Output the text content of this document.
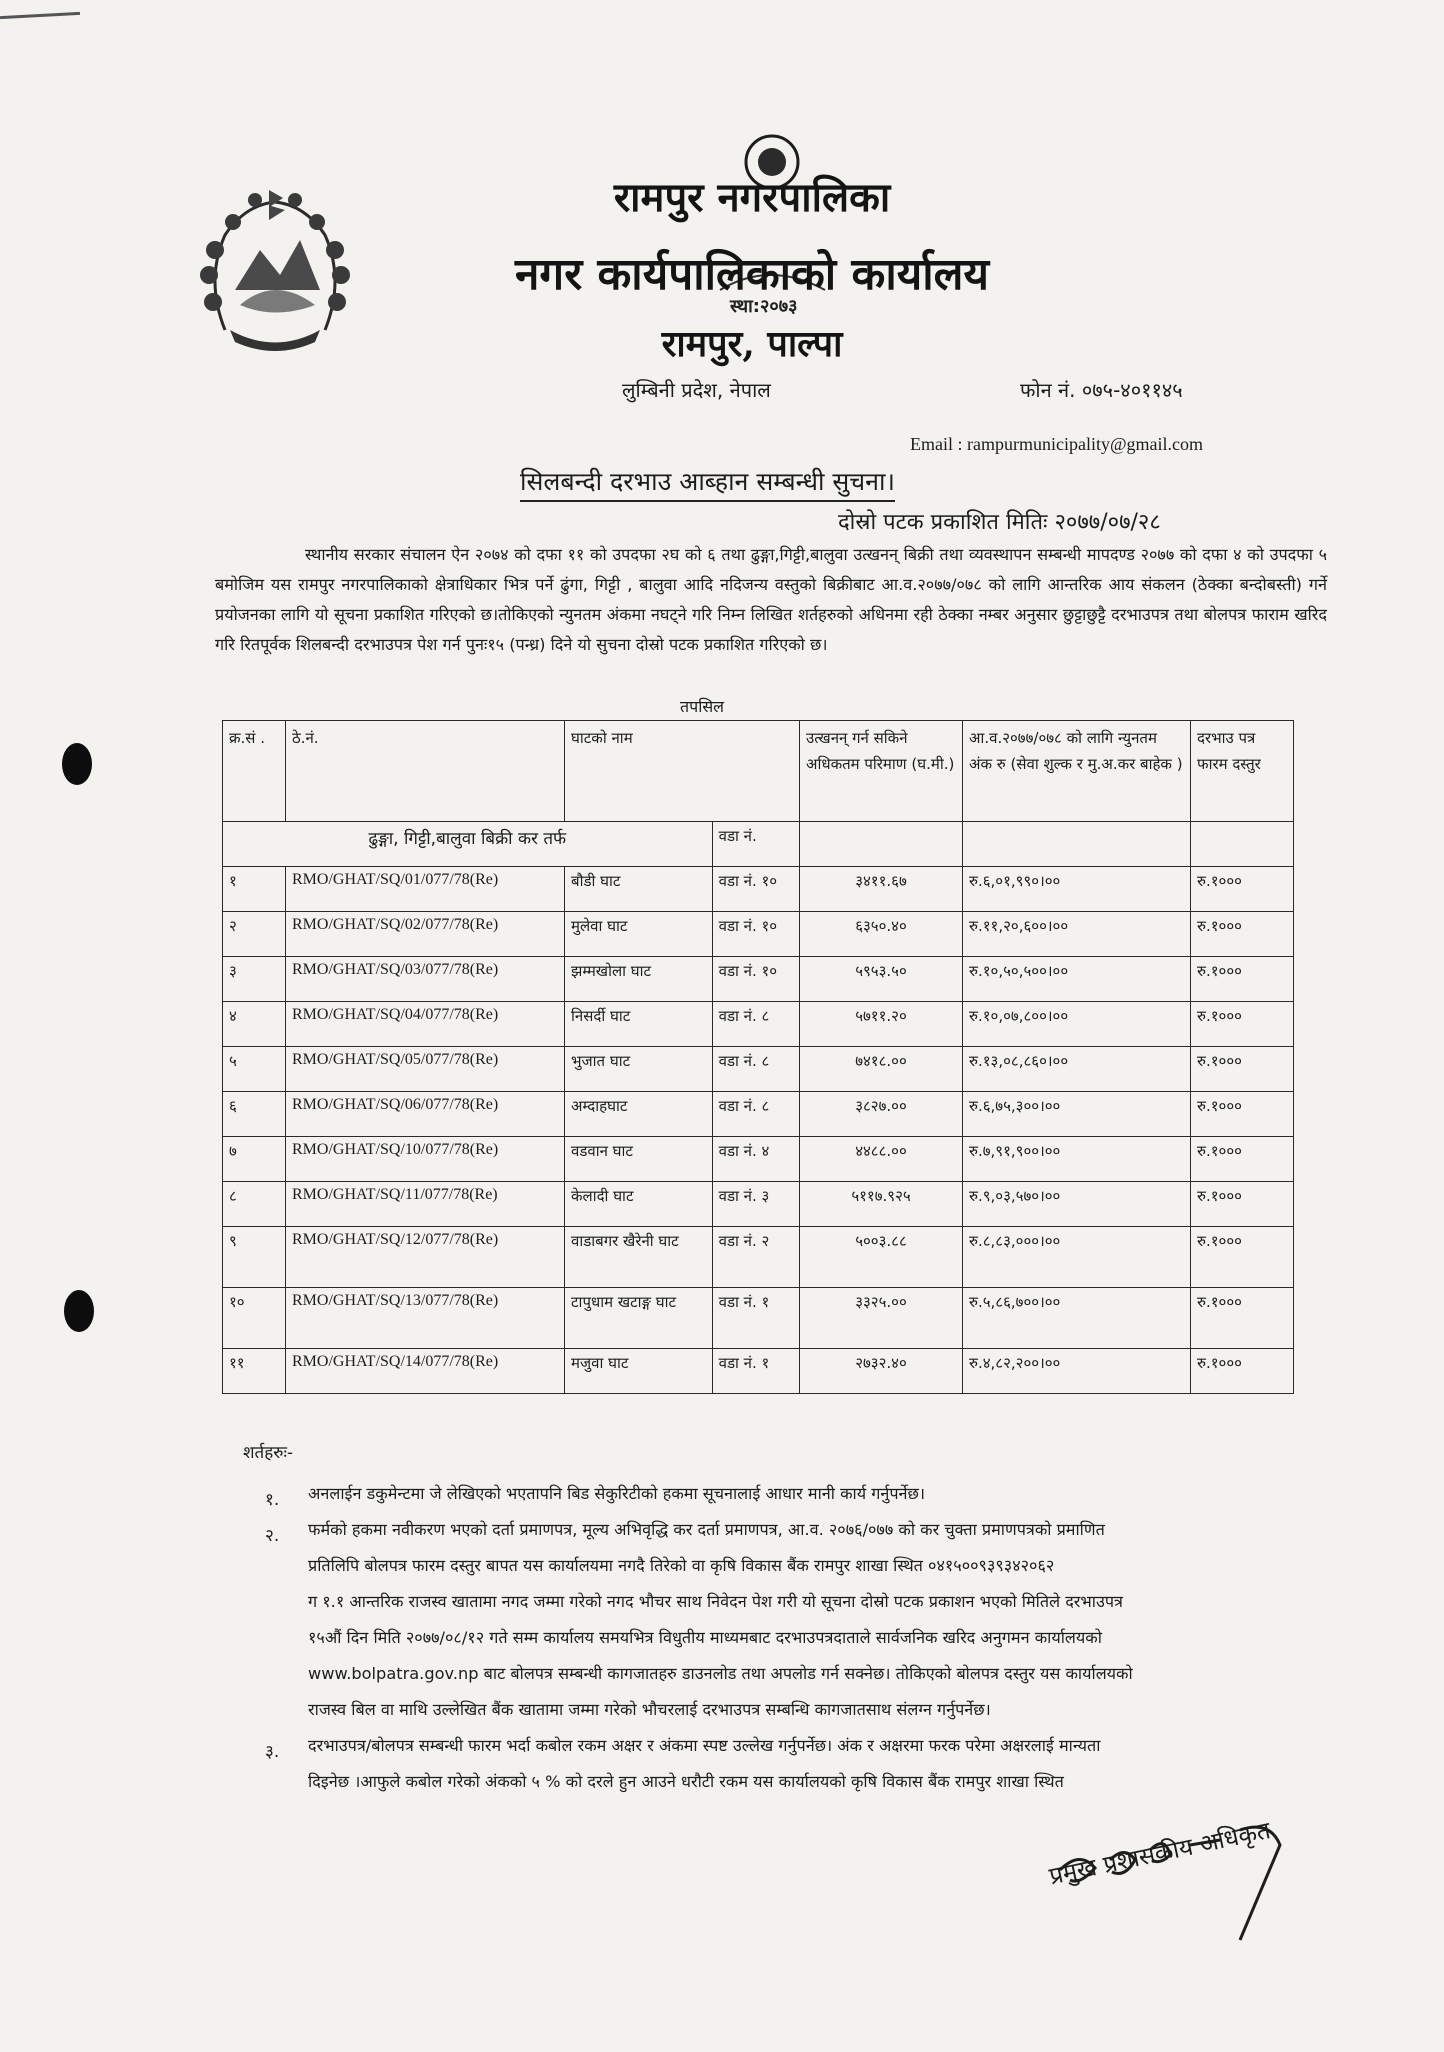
स्था:२०७३
रामपुर नगरपालिका
नगर कार्यपालिकाको कार्यालय
रामपुर, पाल्पा
लुम्बिनी प्रदेश, नेपाल	फोन नं. ०७५-४०११४५
Email : rampurmunicipality@gmail.com
सिलबन्दी दरभाउ आब्हान सम्बन्धी सुचना।
दोस्रो पटक प्रकाशित मितिः २०७७/०७/२८
स्थानीय सरकार संचालन ऐन २०७४ को दफा ११ को उपदफा २घ को ६ तथा ढुङ्गा,गिट्टी,बालुवा उत्खनन् बिक्री तथा व्यवस्थापन सम्बन्धी मापदण्ड २०७७ को दफा ४ को उपदफा ५ बमोजिम यस रामपुर नगरपालिकाको क्षेत्राधिकार भित्र पर्ने ढुंगा, गिट्टी , बालुवा आदि नदिजन्य वस्तुको बिक्रीबाट आ.व.२०७७/०७८ को लागि आन्तरिक आय संकलन (ठेक्का बन्दोबस्ती) गर्ने प्रयोजनका लागि यो सूचना प्रकाशित गरिएको छ।तोकिएको न्युनतम अंकमा नघट्ने गरि निम्न लिखित शर्तहरुको अधिनमा रही ठेक्का नम्बर अनुसार छुट्टाछुट्टै दरभाउपत्र तथा बोलपत्र फाराम खरिद गरि रितपूर्वक शिलबन्दी दरभाउपत्र पेश गर्न पुनः१५ (पन्ध्र) दिने यो सुचना दोस्रो पटक प्रकाशित गरिएको छ।
तपसिल
क्र.सं .	ठे.नं.	घाटको नाम		उत्खनन् गर्न सकिने अधिकतम परिमाण (घ.मी.)	आ.व.२०७७/०७८ को लागि न्युनतम अंक रु (सेवा शुल्क र मु.अ.कर बाहेक )	दरभाउ पत्र फारम दस्तुर

ढुङ्गा, गिट्टी,बालुवा बिक्री कर तर्फ			वडा नं.			
१	RMO/GHAT/SQ/01/077/78(Re)	बौडी घाट	वडा नं. १०	३४११.६७	रु.६,०१,९९०।००	रु.१०००
२	RMO/GHAT/SQ/02/077/78(Re)	मुलेवा घाट	वडा नं. १०	६३५०.४०	रु.११,२०,६००।००	रु.१०००
३	RMO/GHAT/SQ/03/077/78(Re)	झम्मखोला घाट	वडा नं. १०	५९५३.५०	रु.१०,५०,५००।००	रु.१०००
४	RMO/GHAT/SQ/04/077/78(Re)	निसर्दी घाट	वडा नं. ८	५७११.२०	रु.१०,०७,८००।००	रु.१०००
५	RMO/GHAT/SQ/05/077/78(Re)	भुजात घाट	वडा नं. ८	७४१८.००	रु.१३,०८,८६०।००	रु.१०००
६	RMO/GHAT/SQ/06/077/78(Re)	अम्दाहघाट	वडा नं. ८	३८२७.००	रु.६,७५,३००।००	रु.१०००
७	RMO/GHAT/SQ/10/077/78(Re)	वडवान घाट	वडा नं. ४	४४८८.००	रु.७,९१,९००।००	रु.१०००
८	RMO/GHAT/SQ/11/077/78(Re)	केलादी घाट	वडा नं. ३	५११७.९२५	रु.९,०३,५७०।००	रु.१०००
९	RMO/GHAT/SQ/12/077/78(Re)	वाडाबगर खैरेनी घाट	वडा नं. २	५००३.८८	रु.८,८३,०००।००	रु.१०००
१०	RMO/GHAT/SQ/13/077/78(Re)	टापुधाम खटाङ्ग घाट	वडा नं. १	३३२५.००	रु.५,८६,७००।००	रु.१०००
११	RMO/GHAT/SQ/14/077/78(Re)	मजुवा घाट	वडा नं. १	२७३२.४०	रु.४,८२,२००।००	रु.१०००
शर्तहरुः-
१. अनलाईन डकुमेन्टमा जे लेखिएको भएतापनि बिड सेकुरिटीको हकमा सूचनालाई आधार मानी कार्य गर्नुपर्नेछ।
२. फर्मको हकमा नवीकरण भएको दर्ता प्रमाणपत्र, मूल्य अभिवृद्धि कर दर्ता प्रमाणपत्र, आ.व. २०७६/०७७ को कर चुक्ता प्रमाणपत्रको प्रमाणित
प्रतिलिपि बोलपत्र फारम दस्तुर बापत यस कार्यालयमा नगदै तिरेको वा कृषि विकास बैंक रामपुर शाखा स्थित ०४१५००९३९३४२०६२
ग १.१ आन्तरिक राजस्व खातामा नगद जम्मा गरेको नगद भौचर साथ निवेदन पेश गरी यो सूचना दोस्रो पटक प्रकाशन भएको मितिले दरभाउपत्र
१५औं दिन मिति २०७७/०८/१२ गते सम्म कार्यालय समयभित्र विधुतीय माध्यमबाट दरभाउपत्रदाताले सार्वजनिक खरिद अनुगमन कार्यालयको
www.bolpatra.gov.np बाट बोलपत्र सम्बन्धी कागजातहरु डाउनलोड तथा अपलोड गर्न सक्नेछ। तोकिएको बोलपत्र दस्तुर यस कार्यालयको
राजस्व बिल वा माथि उल्लेखित बैंक खातामा जम्मा गरेको भौचरलाई दरभाउपत्र सम्बन्धि कागजातसाथ संलग्न गर्नुपर्नेछ।
३. दरभाउपत्र/बोलपत्र सम्बन्धी फारम भर्दा कबोल रकम अक्षर र अंकमा स्पष्ट उल्लेख गर्नुपर्नेछ। अंक र अक्षरमा फरक परेमा अक्षरलाई मान्यता
दिइनेछ ।आफुले कबोल गरेको अंकको ५ % को दरले हुन आउने धरौटी रकम यस कार्यालयको कृषि विकास बैंक रामपुर शाखा स्थित
२०८
प्रमुख प्रशासकीय अधिकृत
